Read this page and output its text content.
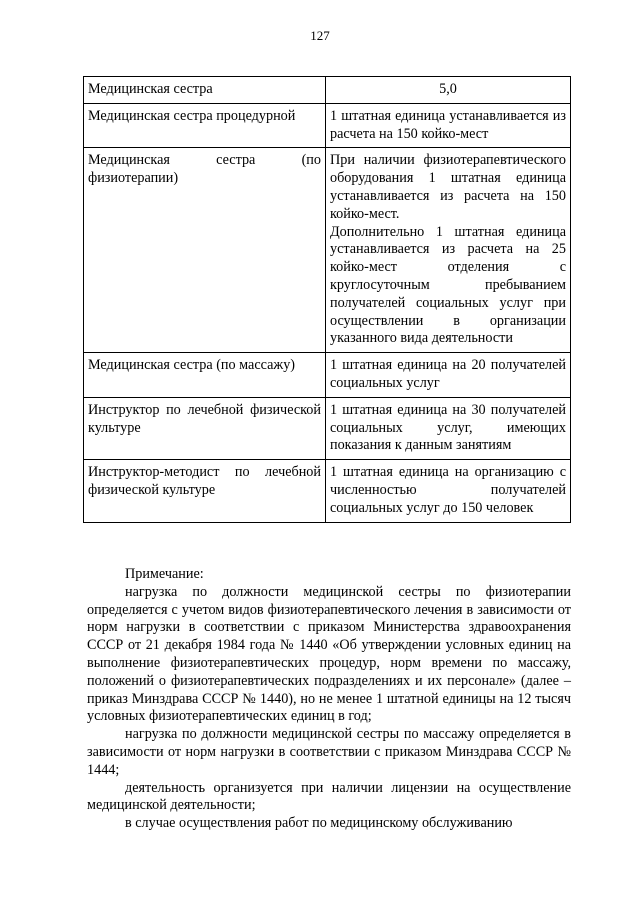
127
Медицинская сестра	5,0
Медицинская сестра процедурной	1 штатная единица устанавливается из расчета на 150 койко-мест
Медицинская сестра (по физиотерапии)	При наличии физиотерапевтического оборудования 1 штатная единица устанавливается из расчета на 150 койко-мест.
Дополнительно 1 штатная единица устанавливается из расчета на 25 койко-мест отделения с круглосуточным пребыванием получателей социальных услуг при осуществлении в организации указанного вида деятельности

Медицинская сестра (по массажу)	1 штатная единица на 20 получателей социальных услуг
Инструктор по лечебной физической культуре	1 штатная единица на 30 получателей социальных услуг, имеющих показания к данным занятиям
Инструктор-методист по лечебной физической культуре	1 штатная единица на организацию с численностью получателей социальных услуг до 150 человек

Примечание:

нагрузка по должности медицинской сестры по физиотерапии определяется с учетом видов физиотерапевтического лечения в зависимости от норм нагрузки в соответствии с приказом Министерства здравоохранения СССР от 21 декабря 1984 года № 1440 «Об утверждении условных единиц на выполнение физиотерапевтических процедур, норм времени по массажу, положений о физиотерапевтических подразделениях и их персонале» (далее – приказ Минздрава СССР № 1440), но не менее 1 штатной единицы на 12 тысяч условных физиотерапевтических единиц в год;

нагрузка по должности медицинской сестры по массажу определяется в зависимости от норм нагрузки в соответствии с приказом Минздрава СССР № 1444;

деятельность организуется при наличии лицензии на осуществление медицинской деятельности;

в случае осуществления работ по медицинскому обслуживанию
